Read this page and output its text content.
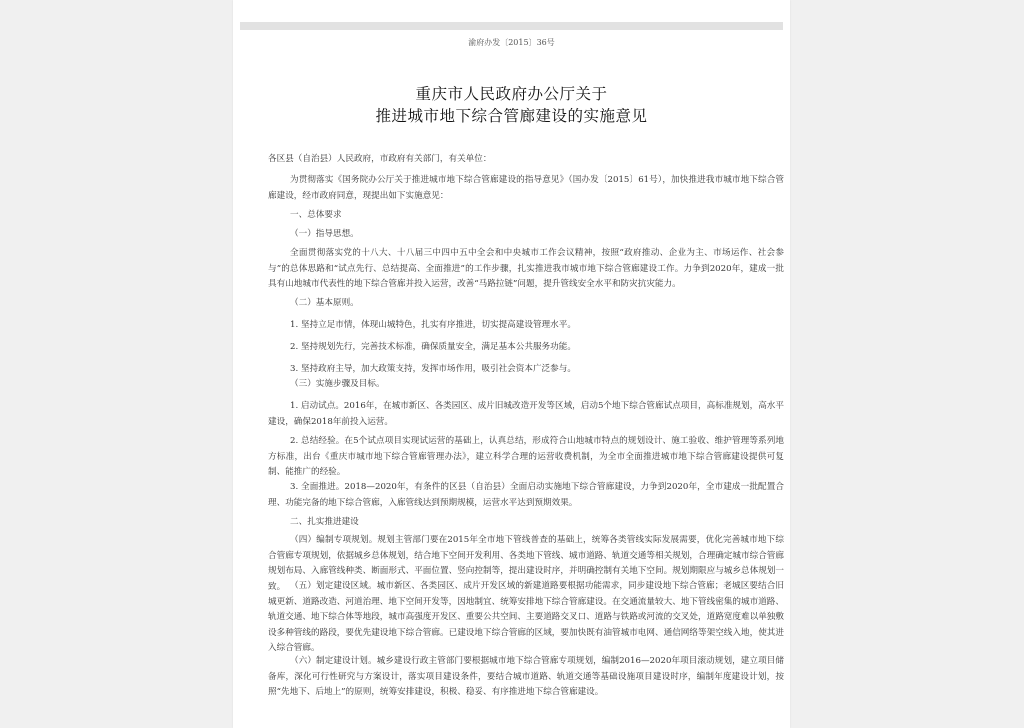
渝府办发〔2015〕36号
重庆市人民政府办公厅关于
推进城市地下综合管廊建设的实施意见
各区县（自治县）人民政府，市政府有关部门，有关单位：
为贯彻落实《国务院办公厅关于推进城市地下综合管廊建设的指导意见》（国办发〔2015〕61号），加快推进我市城市地下综合管廊建设，经市政府同意，现提出如下实施意见：
一、总体要求
（一）指导思想。
全面贯彻落实党的十八大、十八届三中四中五中全会和中央城市工作会议精神，按照“政府推动、企业为主、市场运作、社会参与”的总体思路和“试点先行、总结提高、全面推进”的工作步骤，扎实推进我市城市地下综合管廊建设工作。力争到2020年，建成一批具有山地城市代表性的地下综合管廊并投入运营，改善“马路拉链”问题，提升管线安全水平和防灾抗灾能力。
（二）基本原则。
1. 坚持立足市情，体现山城特色，扎实有序推进，切实提高建设管理水平。
2. 坚持规划先行，完善技术标准，确保质量安全，满足基本公共服务功能。
3. 坚持政府主导，加大政策支持，发挥市场作用，吸引社会资本广泛参与。
（三）实施步骤及目标。
1. 启动试点。2016年，在城市新区、各类园区、成片旧城改造开发等区域，启动5个地下综合管廊试点项目，高标准规划，高水平建设，确保2018年前投入运营。
2. 总结经验。在5个试点项目实现试运营的基础上，认真总结，形成符合山地城市特点的规划设计、施工验收、维护管理等系列地方标准，出台《重庆市城市地下综合管廊管理办法》，建立科学合理的运营收费机制，为全市全面推进城市地下综合管廊建设提供可复制、能推广的经验。
3. 全面推进。2018—2020年，有条件的区县（自治县）全面启动实施地下综合管廊建设，力争到2020年，全市建成一批配置合理、功能完备的地下综合管廊，入廊管线达到预期规模，运营水平达到预期效果。
二、扎实推进建设
（四）编制专项规划。规划主管部门要在2015年全市地下管线普查的基础上，统筹各类管线实际发展需要，优化完善城市地下综合管廊专项规划，依据城乡总体规划，结合地下空间开发利用、各类地下管线、城市道路、轨道交通等相关规划，合理确定城市综合管廊规划布局、入廊管线种类、断面形式、平面位置、竖向控制等，提出建设时序，并明确控制有关地下空间。规划期限应与城乡总体规划一致。 （五）划定建设区域。城市新区、各类园区、成片开发区域的新建道路要根据功能需求，同步建设地下综合管廊；老城区要结合旧城更新、道路改造、河道治理、地下空间开发等，因地制宜、统筹安排地下综合管廊建设。在交通流量较大、地下管线密集的城市道路、轨道交通、地下综合体等地段，城市高强度开发区、重要公共空间、主要道路交叉口、道路与铁路或河流的交叉处，道路宽度难以单独敷设多种管线的路段，要优先建设地下综合管廊。已建设地下综合管廊的区域，要加快既有油管城市电网、通信网络等架空线入地，使其进入综合管廊。
（六）制定建设计划。城乡建设行政主管部门要根据城市地下综合管廊专项规划，编制2016—2020年项目滚动规划，建立项目储备库，深化可行性研究与方案设计，落实项目建设条件，要结合城市道路、轨道交通等基础设施项目建设时序，编制年度建设计划，按照“先地下、后地上”的原则，统筹安排建设，积极、稳妥、有序推进地下综合管廊建设。
